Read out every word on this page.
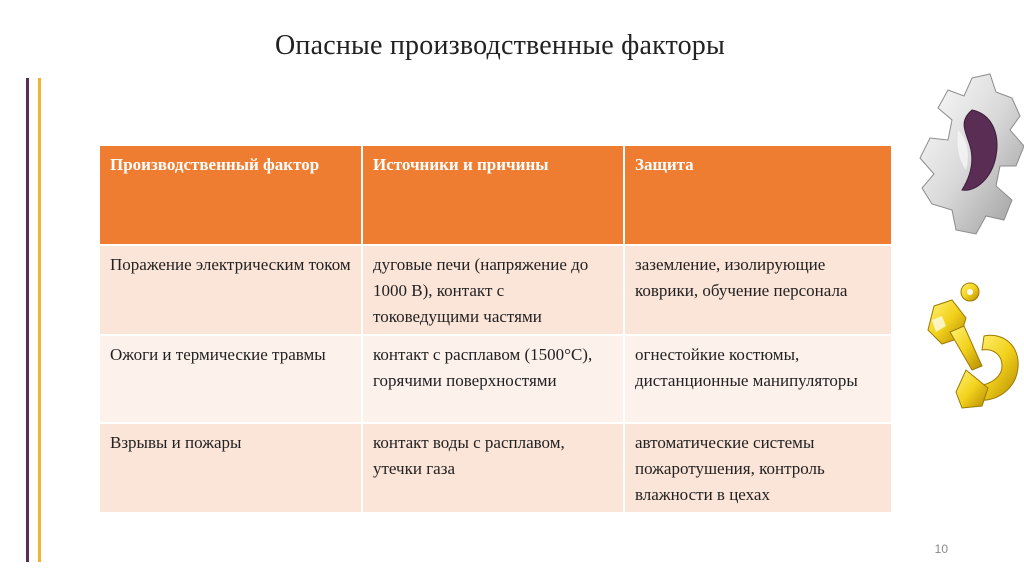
Опасные производственные факторы
Производственный фактор	Источники и причины	Защита
Поражение электрическим током	дуговые печи (напряжение до 1000 В), контакт с токоведущими частями	заземление, изолирующие коврики, обучение персонала
Ожоги и термические травмы	контакт с расплавом (1500°С), горячими поверхностями	огнестойкие костюмы, дистанционные манипуляторы
Взрывы и пожары	контакт воды с расплавом, утечки газа	автоматические системы пожаротушения, контроль влажности в цехах
10
